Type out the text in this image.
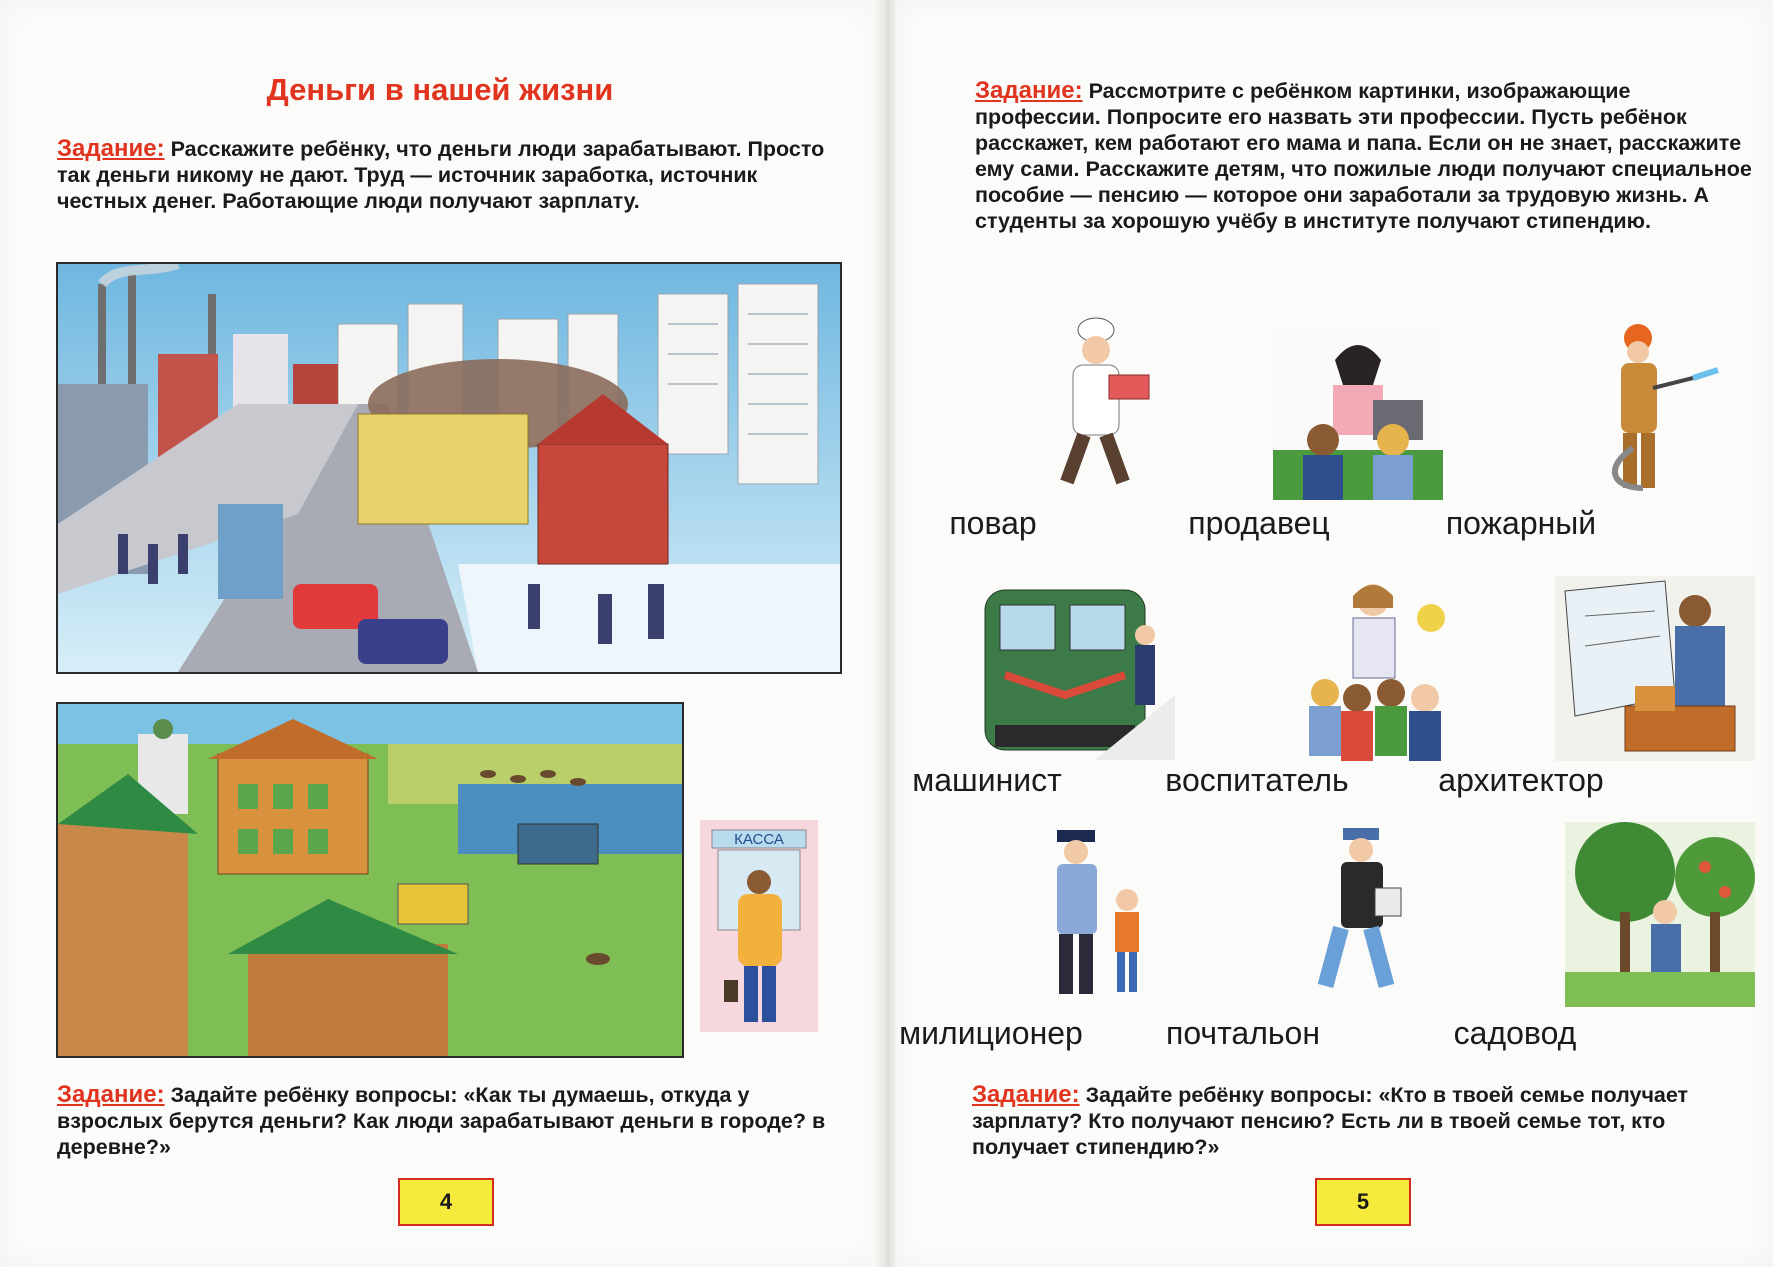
Деньги в нашей жизни
Задание: Расскажите ребёнку, что деньги люди зарабатывают. Просто так деньги никому не дают. Труд — источник заработка, источник честных денег. Работающие люди получают зарплату.
КАССА
Задание: Задайте ребёнку вопросы: «Как ты думаешь, откуда у взрослых берутся деньги? Как люди зарабатывают деньги в городе? в деревне?»
4
Задание: Рассмотрите с ребёнком картинки, изображающие профессии. Попросите его назвать эти профессии. Пусть ребёнок расскажет, кем работают его мама и папа. Если он не знает, расскажите ему сами. Расскажите детям, что пожилые люди получают специальное пособие — пенсию — которое они заработали за трудовую жизнь. А студенты за хорошую учёбу в институте получают стипендию.
повар	продавец	пожарный
машинист	воспитатель	архитектор
милиционер	почтальон	садовод
Задание: Задайте ребёнку вопросы: «Кто в твоей семье получает зарплату? Кто получают пенсию? Есть ли в твоей семье тот, кто получает стипендию?»
5
